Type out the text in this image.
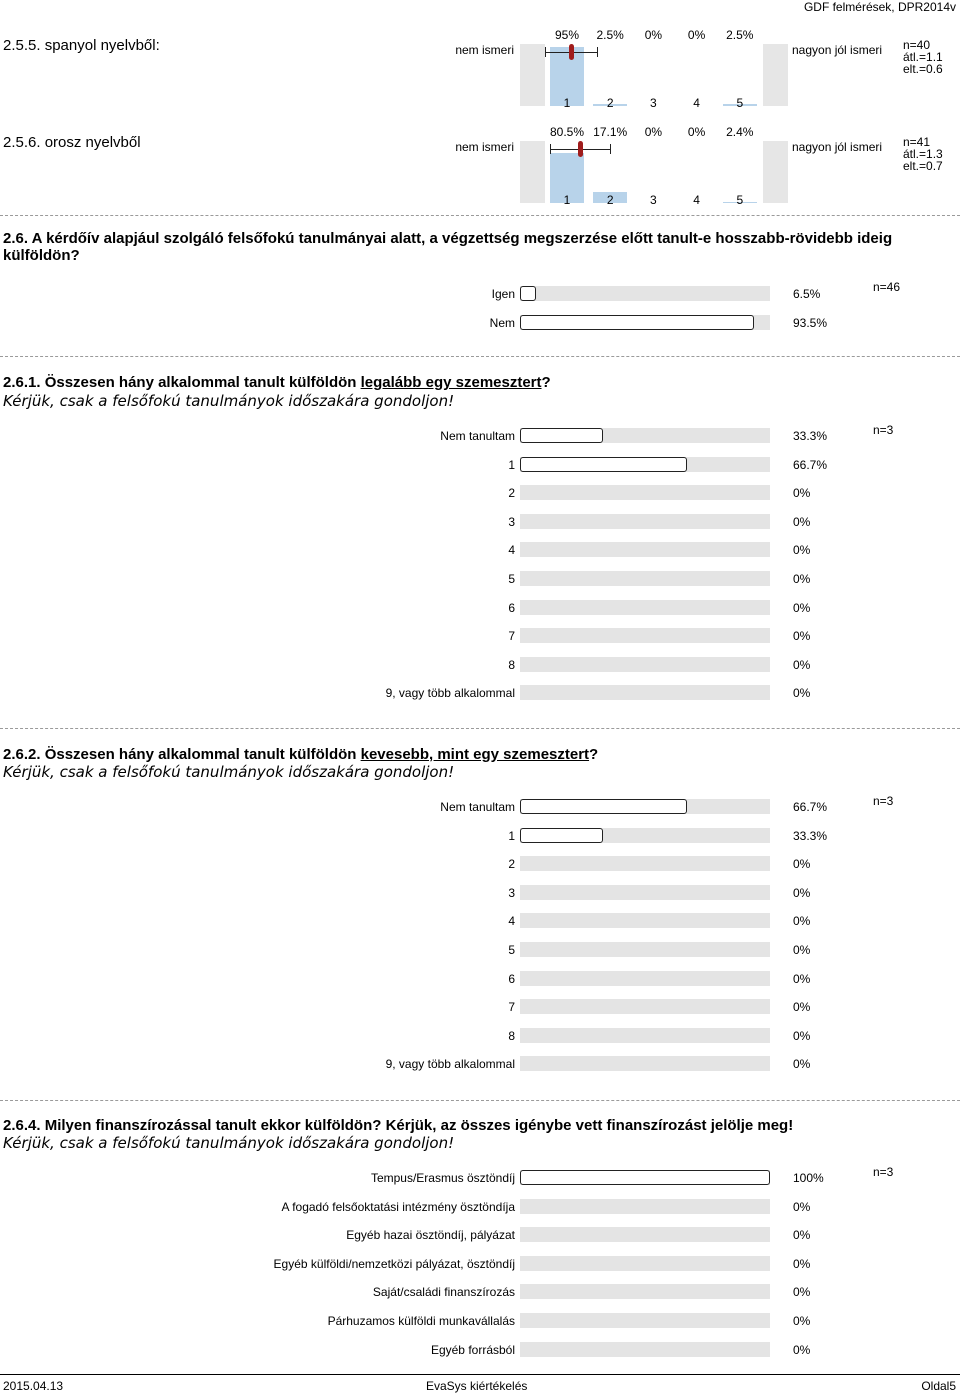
GDF felmérések, DPR2014v
2.5.5. spanyol nyelvből:	nem ismeri
95%	2.5%	0%	0%	2.5%
1	2	3	4	5
nagyon jól ismeri n=40
átl.=1.1
elt.=0.6
2.5.6. orosz nyelvből	nem ismeri
80.5% 17.1%	0%	0%	2.4%
1	2	3	4	5
nagyon jól ismeri n=41
átl.=1.3
elt.=0.7
2.6. A kérdőív alapjául szolgáló felsőfokú tanulmányai alatt, a végzettség megszerzése előtt tanult-e hosszabb-rövidebb ideig
külföldön?
Igen	6.5%
Nem	93.5%
n=46
2.6.1. Összesen hány alkalommal tanult külföldön legalább egy szemesztert?
Kérjük, csak a felsőfokú tanulmányok időszakára gondoljon!
Nem tanultam	33.3%
1	66.7%
2	0%
3	0%
4	0%
5	0%
6	0%
7	0%
8	0%
9, vagy több alkalommal	0%
n=3
2.6.2. Összesen hány alkalommal tanult külföldön kevesebb, mint egy szemesztert?
Kérjük, csak a felsőfokú tanulmányok időszakára gondoljon!
Nem tanultam	66.7%
1	33.3%
2	0%
3	0%
4	0%
5	0%
6	0%
7	0%
8	0%
9, vagy több alkalommal	0%
n=3
2.6.4. Milyen finanszírozással tanult ekkor külföldön? Kérjük, az összes igénybe vett finanszírozást jelölje meg!
Kérjük, csak a felsőfokú tanulmányok időszakára gondoljon!
Tempus/Erasmus ösztöndíj	100%
A fogadó felsőoktatási intézmény ösztöndíja	0%
Egyéb hazai ösztöndíj, pályázat	0%
Egyéb külföldi/nemzetközi pályázat, ösztöndíj	0%
Saját/családi finanszírozás	0%
Párhuzamos külföldi munkavállalás	0%
Egyéb forrásból	0%
n=3
2015.04.13	EvaSys kiértékelés	Oldal5
